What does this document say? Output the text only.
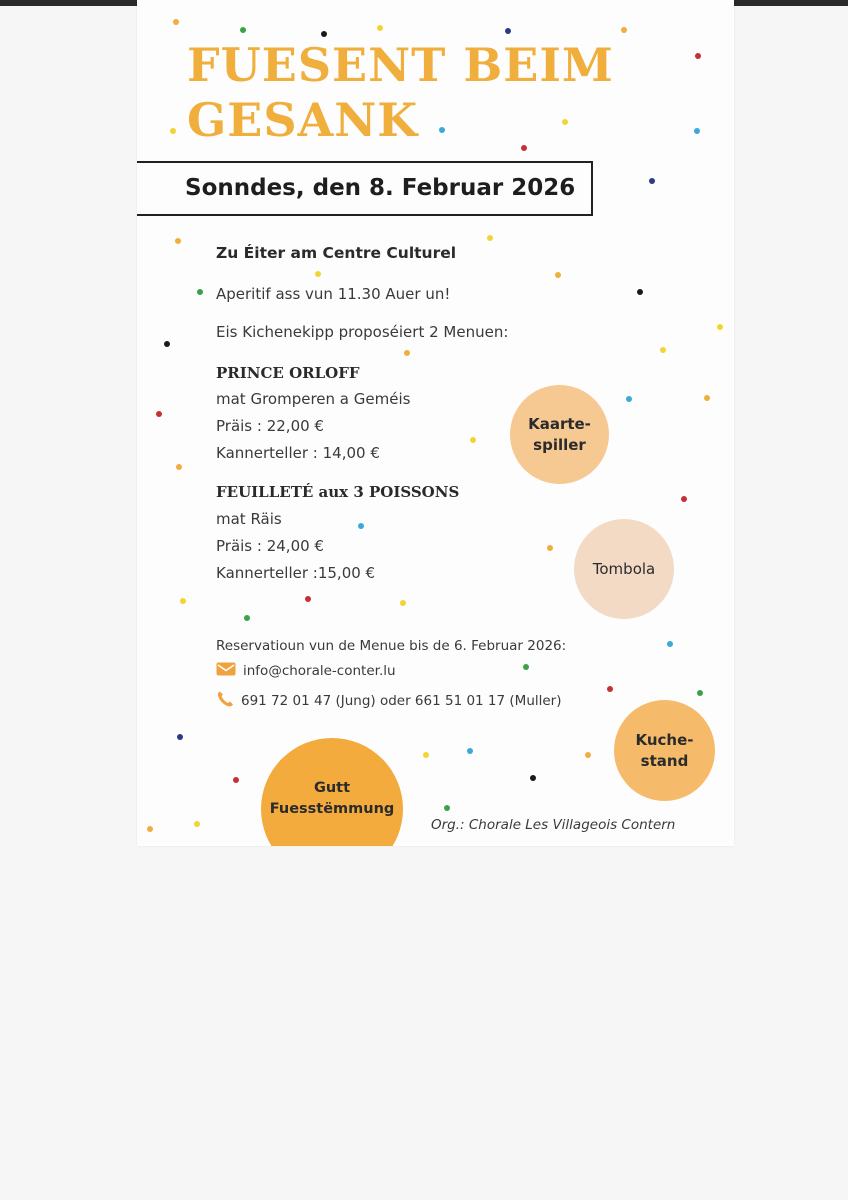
FUESENT BEIM
GESANK
Sonndes, den 8. Februar 2026
Zu Éiter am Centre Culturel
Aperitif ass vun 11.30 Auer un!
Eis Kichenekipp proposéiert 2 Menuen:
PRINCE ORLOFF
mat Gromperen a Geméis
Präis : 22,00 €
Kannerteller : 14,00 €
FEUILLETÉ aux 3 POISSONS
mat Räis
Präis : 24,00 €
Kannerteller :15,00 €
Reservatioun vun de Menue bis de 6. Februar 2026:
info@chorale-conter.lu
691 72 01 47 (Jung) oder 661 51 01 17 (Muller)
Kaarte-
spiller
Tombola
Kuche-
stand
Gutt
Fuesstëmmung
Org.: Chorale Les Villageois Contern
